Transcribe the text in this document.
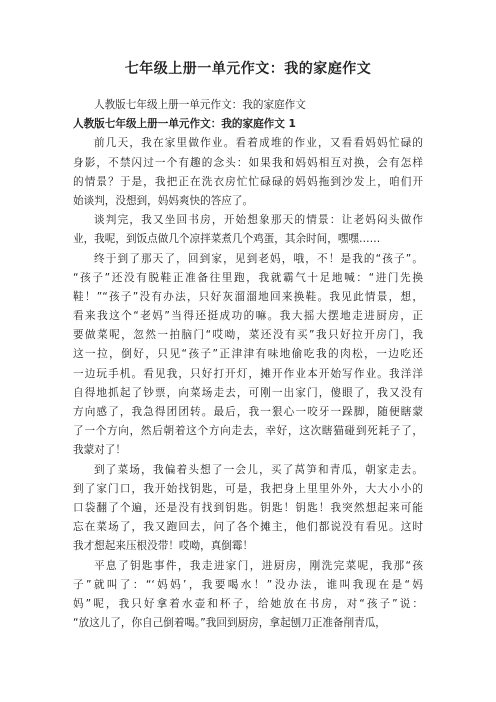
七年级上册一单元作文：我的家庭作文
人教版七年级上册一单元作文：我的家庭作文
人教版七年级上册一单元作文：我的家庭作文 1
前几天，我在家里做作业。看着成堆的作业，又看看妈妈忙碌的
身影，不禁闪过一个有趣的念头：如果我和妈妈相互对换，会有怎样
的情景？于是，我把正在洗衣房忙忙碌碌的妈妈拖到沙发上，咱们开
始谈判，没想到，妈妈爽快的答应了。
谈判完，我又坐回书房，开始想象那天的情景：让老妈闷头做作
业，我呢，到饭点做几个凉拌菜煮几个鸡蛋，其余时间，嘿嘿……
终于到了那天了，回到家，见到老妈，哦，不！是我的“孩子”。
“孩子”还没有脱鞋正准备往里跑，我就霸气十足地喊：“进门先换
鞋！”“孩子”没有办法，只好灰溜溜地回来换鞋。我见此情景，想，
看来我这个“老妈”当得还挺成功的嘛。我大摇大摆地走进厨房，正
要做菜呢，忽然一拍脑门“哎呦，菜还没有买”我只好拉开房门，我
这一拉，倒好，只见“孩子”正津津有味地偷吃我的肉松，一边吃还
一边玩手机。看见我，只好打开灯，摊开作业本开始写作业。我洋洋
自得地抓起了钞票，向菜场走去，可刚一出家门，傻眼了，我又没有
方向感了，我急得团团转。最后，我一狠心一咬牙一跺脚，随便瞎蒙
了一个方向，然后朝着这个方向走去，幸好，这次瞎猫碰到死耗子了，
我蒙对了！
到了菜场，我偏着头想了一会儿，买了莴笋和青瓜，朝家走去。
到了家门口，我开始找钥匙，可是，我把身上里里外外，大大小小的
口袋翻了个遍，还是没有找到钥匙。钥匙！钥匙！我突然想起来可能
忘在菜场了，我又跑回去，问了各个摊主，他们都说没有看见。这时
我才想起来压根没带！哎呦，真倒霉！
平息了钥匙事件，我走进家门，进厨房，刚洗完菜呢，我那“孩
子”就叫了：“‘妈妈’，我要喝水！”没办法，谁叫我现在是“妈
妈”呢，我只好拿着水壶和杯子，给她放在书房，对“孩子”说：
“放这儿了，你自己倒着喝。”我回到厨房，拿起刨刀正准备削青瓜，
